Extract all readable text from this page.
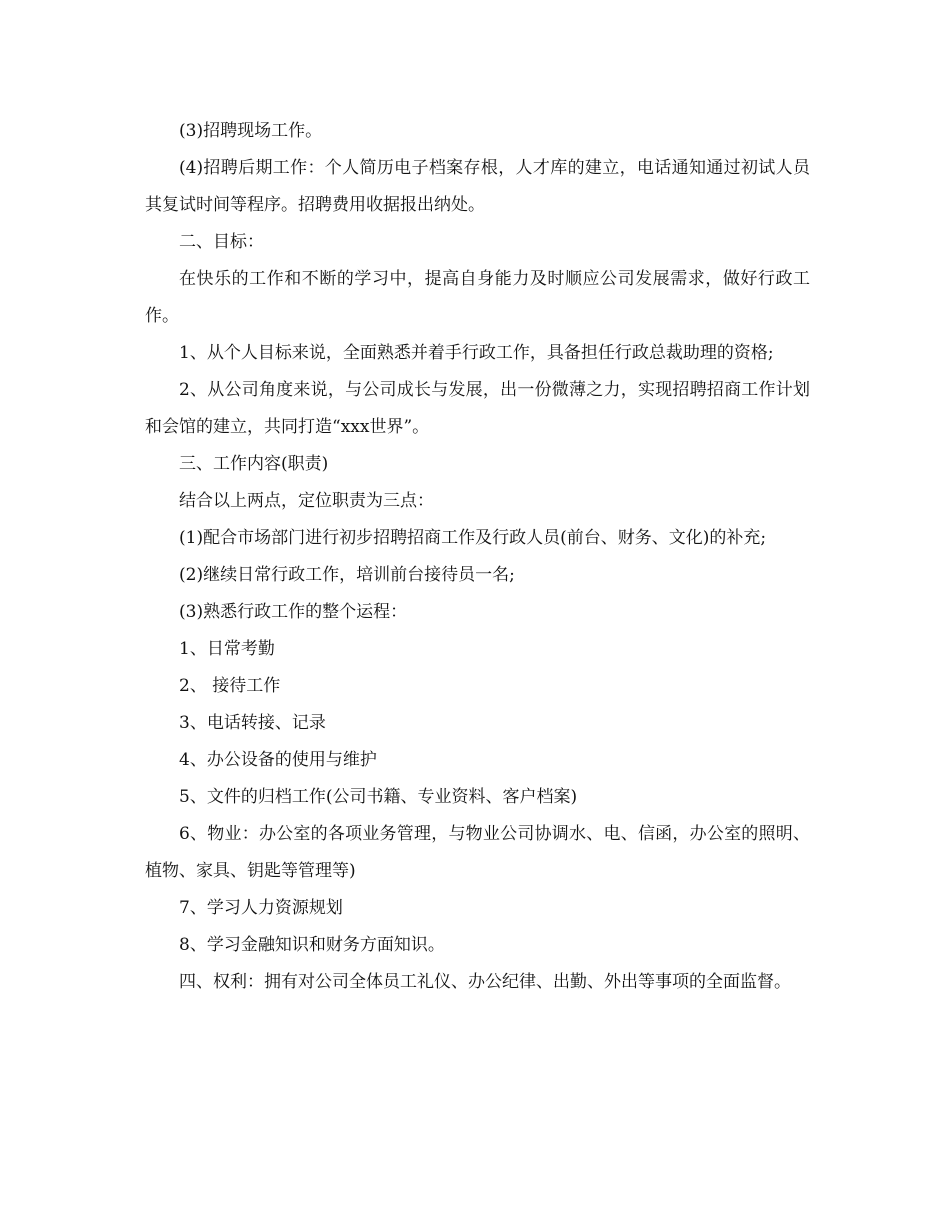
(3)招聘现场工作。

(4)招聘后期工作：个人简历电子档案存根，人才库的建立，电话通知通过初试人员其复试时间等程序。招聘费用收据报出纳处。

二、目标：

在快乐的工作和不断的学习中，提高自身能力及时顺应公司发展需求，做好行政工作。

1、从个人目标来说，全面熟悉并着手行政工作，具备担任行政总裁助理的资格;

2、从公司角度来说，与公司成长与发展，出一份微薄之力，实现招聘招商工作计划和会馆的建立，共同打造“xxx世界”。

三、工作内容(职责)

结合以上两点，定位职责为三点：

(1)配合市场部门进行初步招聘招商工作及行政人员(前台、财务、文化)的补充;

(2)继续日常行政工作，培训前台接待员一名;

(3)熟悉行政工作的整个运程：

1、日常考勤

2、 接待工作

3、电话转接、记录

4、办公设备的使用与维护

5、文件的归档工作(公司书籍、专业资料、客户档案)

6、物业：办公室的各项业务管理，与物业公司协调水、电、信函，办公室的照明、植物、家具、钥匙等管理等)

7、学习人力资源规划

8、学习金融知识和财务方面知识。

四、权利：拥有对公司全体员工礼仪、办公纪律、出勤、外出等事项的全面监督。
